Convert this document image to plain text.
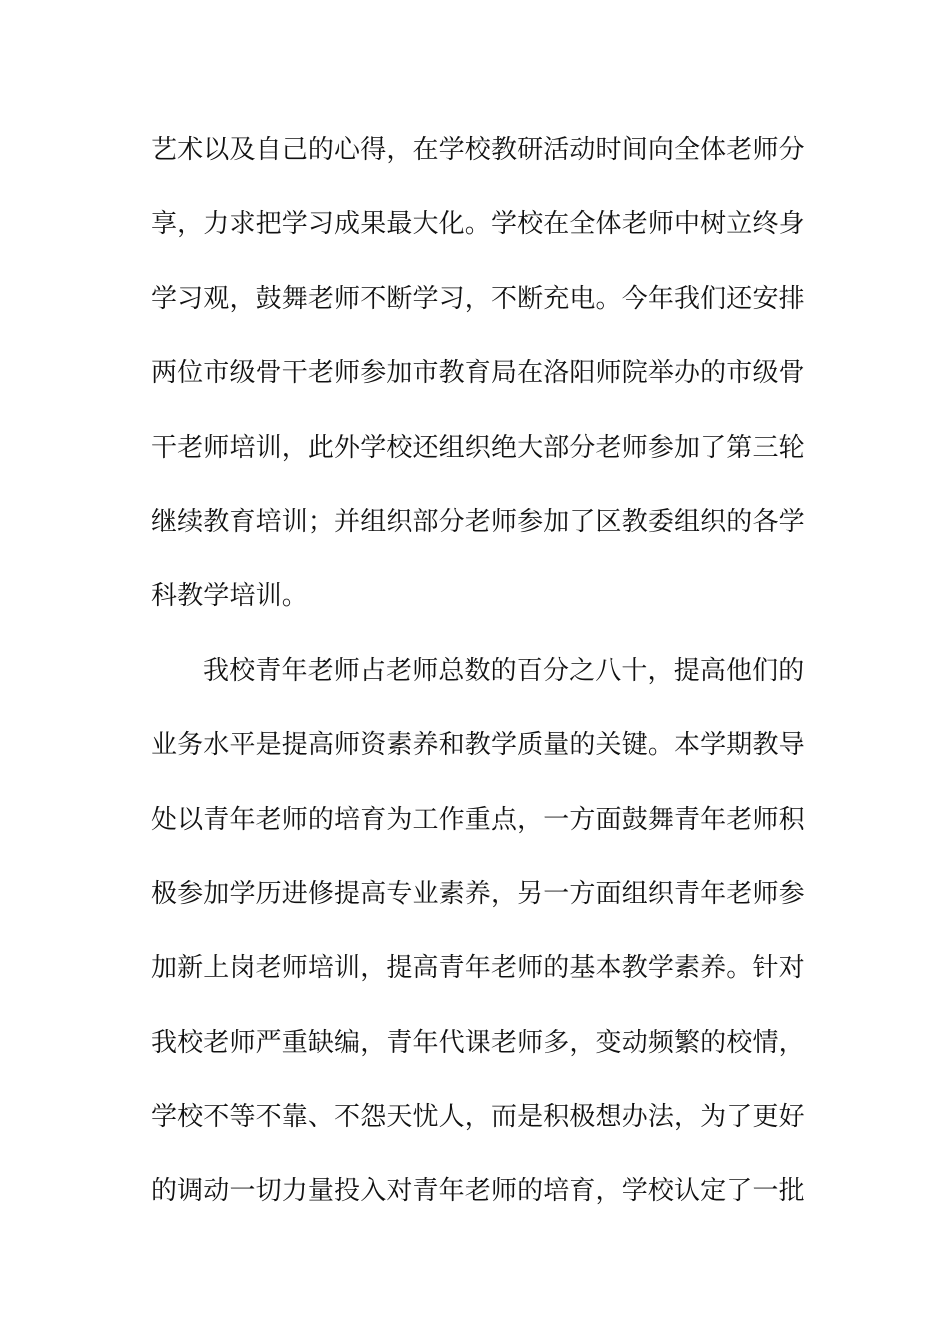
艺术以及自己的心得，在学校教研活动时间向全体老师分
享，力求把学习成果最大化。学校在全体老师中树立终身
学习观，鼓舞老师不断学习，不断充电。今年我们还安排
两位市级骨干老师参加市教育局在洛阳师院举办的市级骨
干老师培训，此外学校还组织绝大部分老师参加了第三轮
继续教育培训；并组织部分老师参加了区教委组织的各学
科教学培训。
我校青年老师占老师总数的百分之八十，提高他们的
业务水平是提高师资素养和教学质量的关键。本学期教导
处以青年老师的培育为工作重点，一方面鼓舞青年老师积
极参加学历进修提高专业素养，另一方面组织青年老师参
加新上岗老师培训，提高青年老师的基本教学素养。针对
我校老师严重缺编，青年代课老师多，变动频繁的校情，
学校不等不靠、不怨天忧人，而是积极想办法，为了更好
的调动一切力量投入对青年老师的培育，学校认定了一批
